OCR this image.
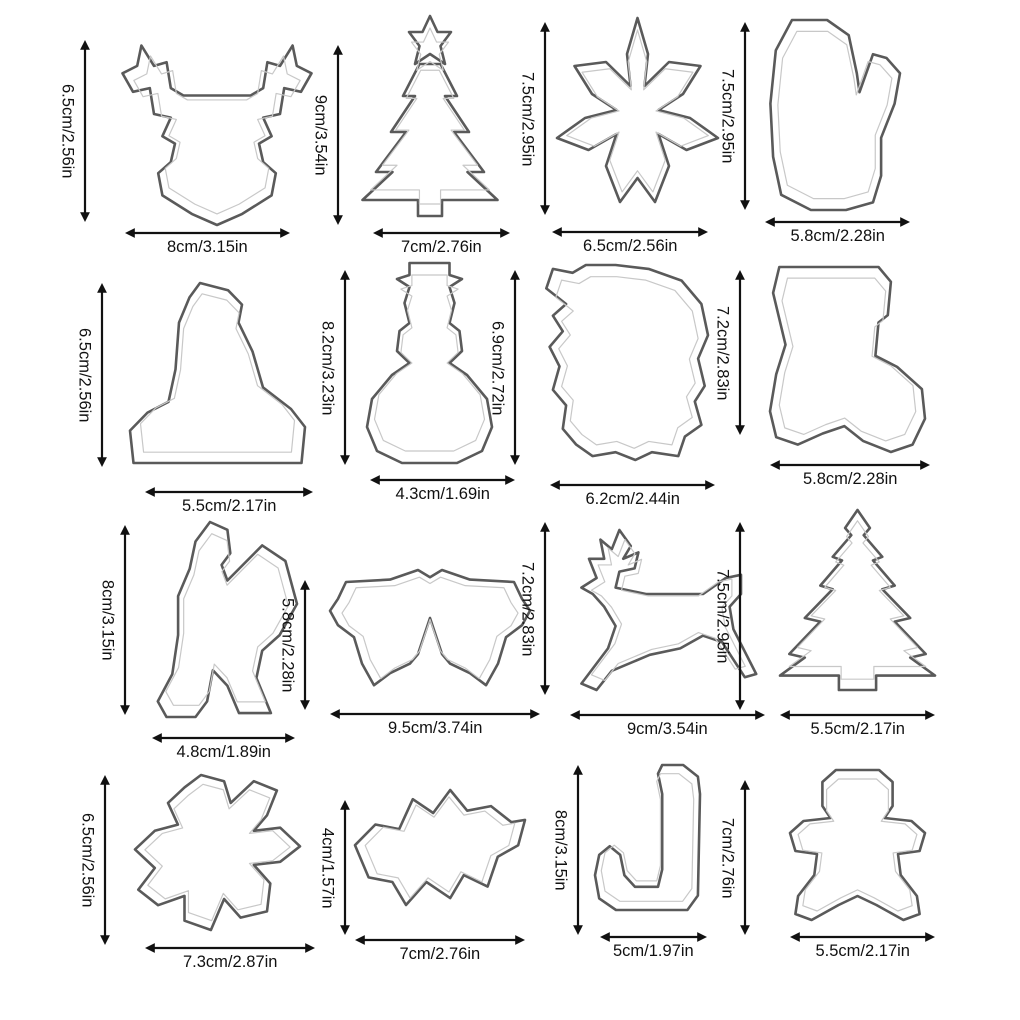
6.5cm/2.56in
8cm/3.15in
9cm/3.54in
7cm/2.76in
7.5cm/2.95in
6.5cm/2.56in
7.5cm/2.95in
5.8cm/2.28in
6.5cm/2.56in
5.5cm/2.17in
8.2cm/3.23in
4.3cm/1.69in
6.9cm/2.72in
6.2cm/2.44in
7.2cm/2.83in
5.8cm/2.28in
8cm/3.15in
4.8cm/1.89in
5.8cm/2.28in
9.5cm/3.74in
7.2cm/2.83in
9cm/3.54in
7.5cm/2.95in
5.5cm/2.17in
6.5cm/2.56in
7.3cm/2.87in
4cm/1.57in
7cm/2.76in
8cm/3.15in
5cm/1.97in
7cm/2.76in
5.5cm/2.17in
